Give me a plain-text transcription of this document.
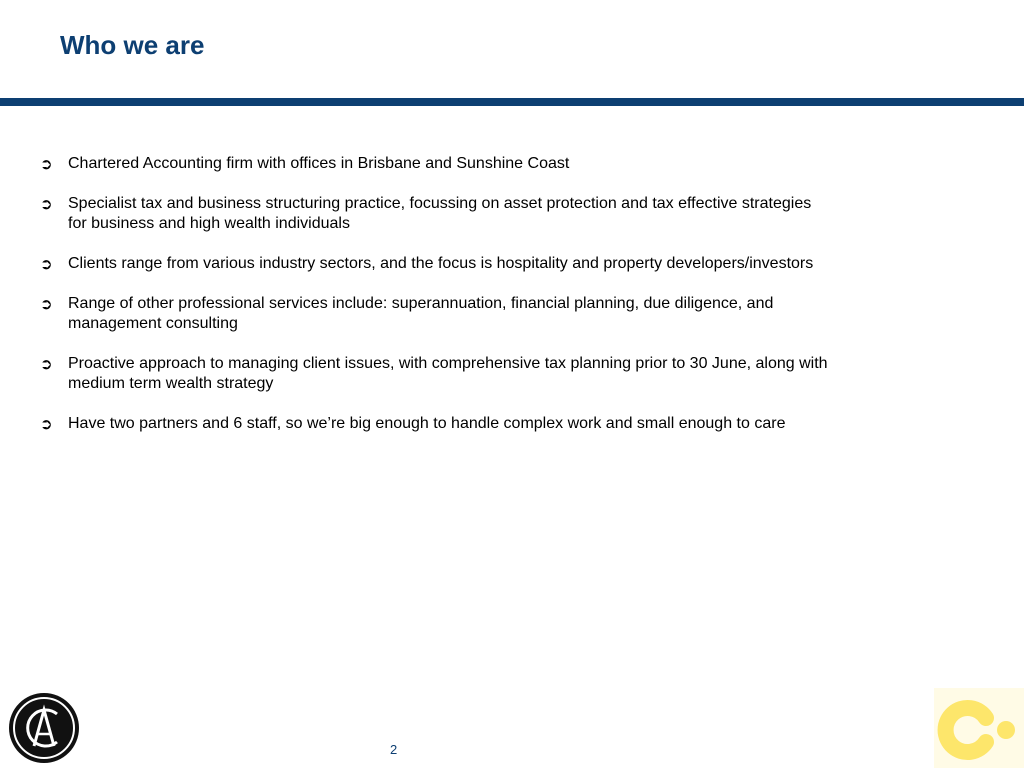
Who we are
➲ Chartered Accounting firm with offices in Brisbane and Sunshine Coast
➲ Specialist tax and business structuring practice, focussing on asset protection and tax effective strategies for business and high wealth individuals
➲ Clients range from various industry sectors, and the focus is hospitality and property developers/investors
➲ Range of other professional services include: superannuation, financial planning, due diligence, and management consulting
➲ Proactive approach to managing client issues, with comprehensive tax planning prior to 30 June, along with medium term wealth strategy
➲ Have two partners and 6 staff, so we’re big enough to handle complex work and small enough to care
2
